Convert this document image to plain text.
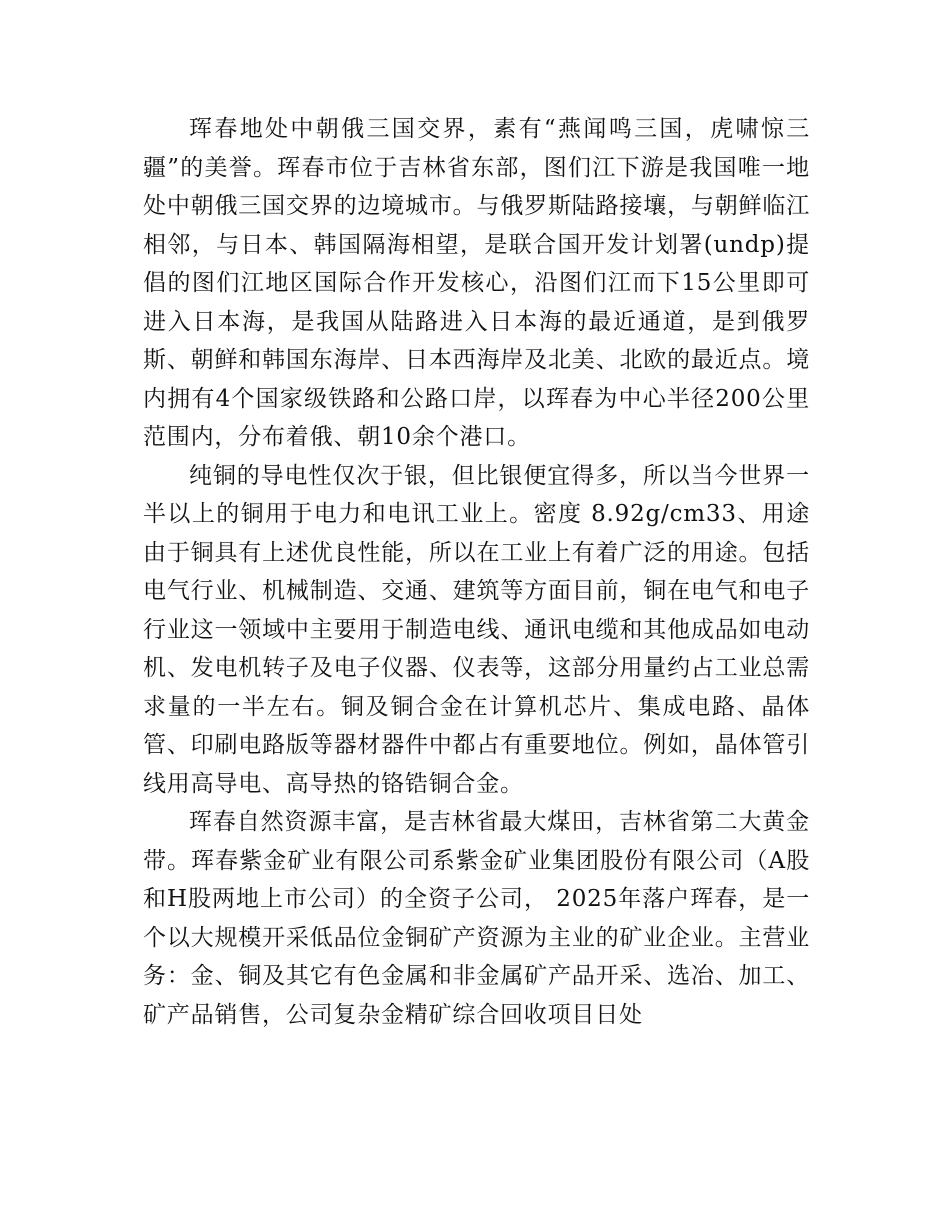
珲春地处中朝俄三国交界，素有“燕闻鸣三国，虎啸惊三疆”的美誉。珲春市位于吉林省东部，图们江下游是我国唯一地处中朝俄三国交界的边境城市。与俄罗斯陆路接壤，与朝鲜临江相邻，与日本、韩国隔海相望，是联合国开发计划署(undp)提倡的图们江地区国际合作开发核心，沿图们江而下15公里即可进入日本海，是我国从陆路进入日本海的最近通道，是到俄罗斯、朝鲜和韩国东海岸、日本西海岸及北美、北欧的最近点。境内拥有4个国家级铁路和公路口岸，以珲春为中心半径200公里范围内，分布着俄、朝10余个港口。

纯铜的导电性仅次于银，但比银便宜得多，所以当今世界一半以上的铜用于电力和电讯工业上。密度 8.92g/cm33、用途由于铜具有上述优良性能，所以在工业上有着广泛的用途。包括电气行业、机械制造、交通、建筑等方面目前，铜在电气和电子行业这一领域中主要用于制造电线、通讯电缆和其他成品如电动机、发电机转子及电子仪器、仪表等，这部分用量约占工业总需求量的一半左右。铜及铜合金在计算机芯片、集成电路、晶体管、印刷电路版等器材器件中都占有重要地位。例如，晶体管引线用高导电、高导热的铬锆铜合金。

珲春自然资源丰富，是吉林省最大煤田，吉林省第二大黄金带。珲春紫金矿业有限公司系紫金矿业集团股份有限公司（A股和H股两地上市公司）的全资子公司， 2025年落户珲春，是一个以大规模开采低品位金铜矿产资源为主业的矿业企业。主营业务：金、铜及其它有色金属和非金属矿产品开采、选冶、加工、矿产品销售，公司复杂金精矿综合回收项目日处
